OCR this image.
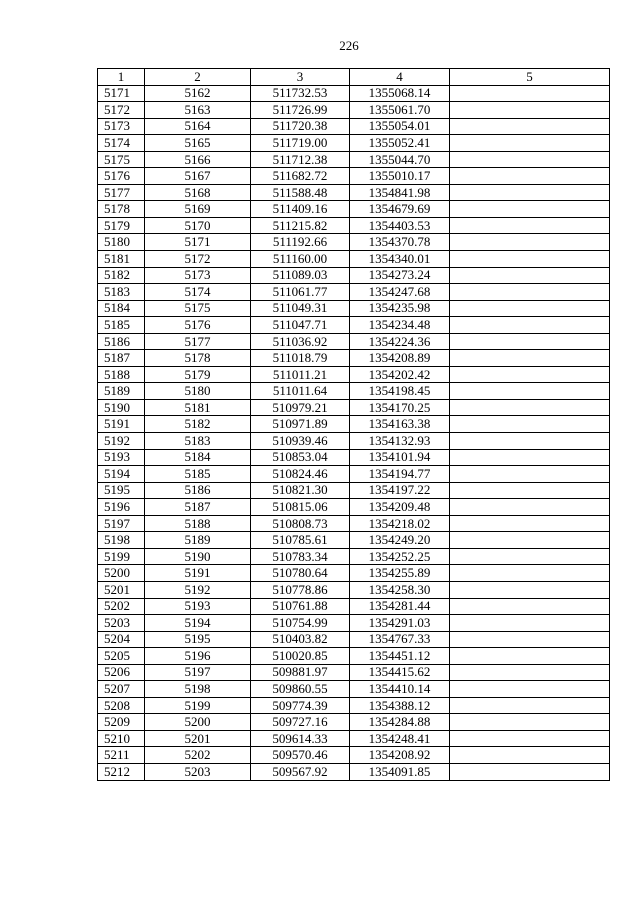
226
1	2	3	4	5
5171	5162	511732.53	1355068.14	
5172	5163	511726.99	1355061.70	
5173	5164	511720.38	1355054.01	
5174	5165	511719.00	1355052.41	
5175	5166	511712.38	1355044.70	
5176	5167	511682.72	1355010.17	
5177	5168	511588.48	1354841.98	
5178	5169	511409.16	1354679.69	
5179	5170	511215.82	1354403.53	
5180	5171	511192.66	1354370.78	
5181	5172	511160.00	1354340.01	
5182	5173	511089.03	1354273.24	
5183	5174	511061.77	1354247.68	
5184	5175	511049.31	1354235.98	
5185	5176	511047.71	1354234.48	
5186	5177	511036.92	1354224.36	
5187	5178	511018.79	1354208.89	
5188	5179	511011.21	1354202.42	
5189	5180	511011.64	1354198.45	
5190	5181	510979.21	1354170.25	
5191	5182	510971.89	1354163.38	
5192	5183	510939.46	1354132.93	
5193	5184	510853.04	1354101.94	
5194	5185	510824.46	1354194.77	
5195	5186	510821.30	1354197.22	
5196	5187	510815.06	1354209.48	
5197	5188	510808.73	1354218.02	
5198	5189	510785.61	1354249.20	
5199	5190	510783.34	1354252.25	
5200	5191	510780.64	1354255.89	
5201	5192	510778.86	1354258.30	
5202	5193	510761.88	1354281.44	
5203	5194	510754.99	1354291.03	
5204	5195	510403.82	1354767.33	
5205	5196	510020.85	1354451.12	
5206	5197	509881.97	1354415.62	
5207	5198	509860.55	1354410.14	
5208	5199	509774.39	1354388.12	
5209	5200	509727.16	1354284.88	
5210	5201	509614.33	1354248.41	
5211	5202	509570.46	1354208.92	
5212	5203	509567.92	1354091.85	
